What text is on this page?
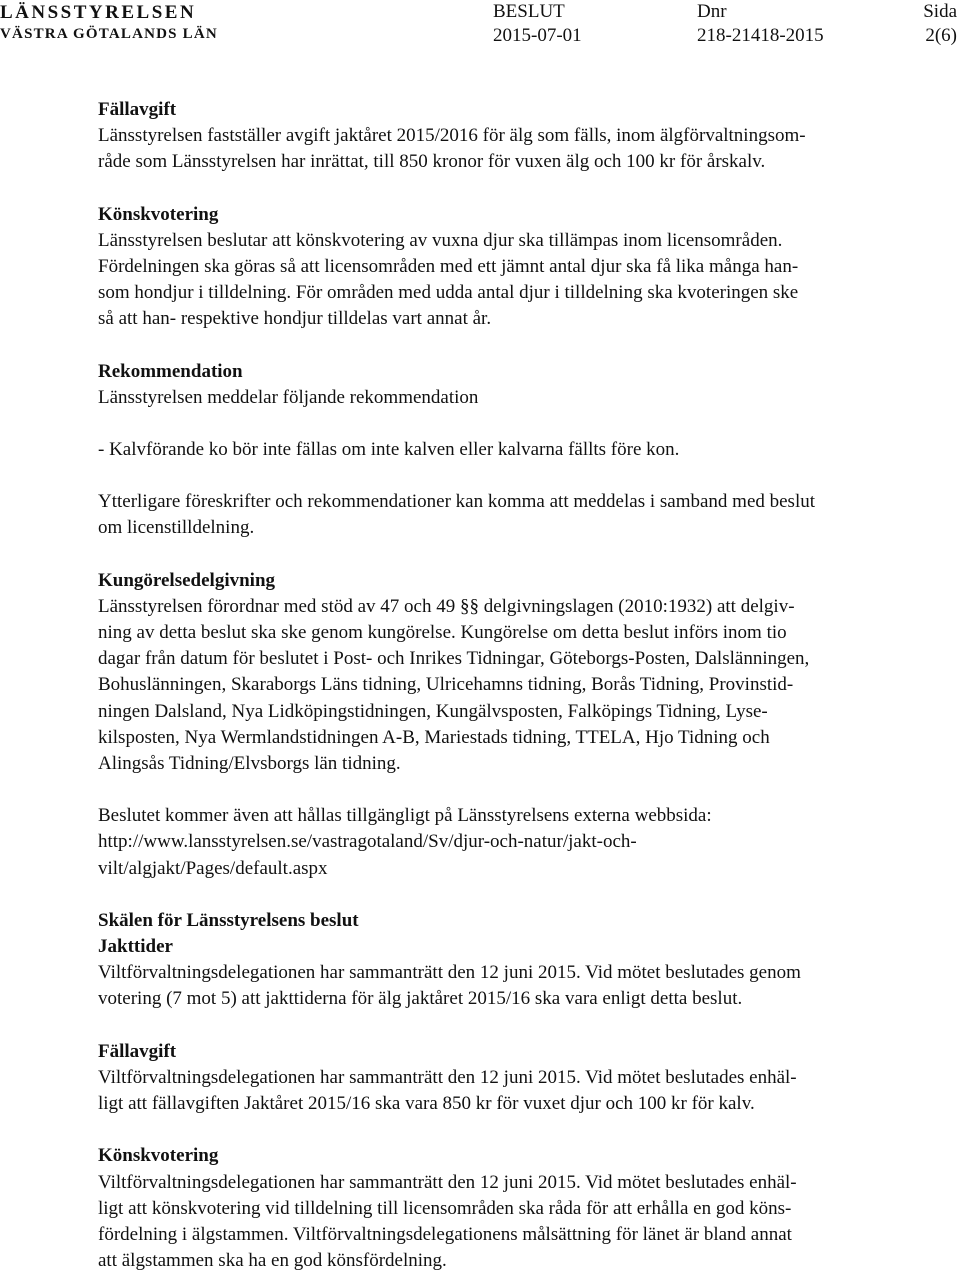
LÄNSSTYRELSEN
VÄSTRA GÖTALANDS LÄN
BESLUT
2015-07-01
Dnr
218-21418-2015
Sida
2(6)

Fällavgift

Länsstyrelsen fastställer avgift jaktåret 2015/2016 för älg som fälls, inom älgförvaltningsom-

råde som Länsstyrelsen har inrättat, till 850 kronor för vuxen älg och 100 kr för årskalv.

Könskvotering

Länsstyrelsen beslutar att könskvotering av vuxna djur ska tillämpas inom licensområden.

Fördelningen ska göras så att licensområden med ett jämnt antal djur ska få lika många han-

som hondjur i tilldelning. För områden med udda antal djur i tilldelning ska kvoteringen ske

så att han- respektive hondjur tilldelas vart annat år.

Rekommendation

Länsstyrelsen meddelar följande rekommendation

- Kalvförande ko bör inte fällas om inte kalven eller kalvarna fällts före kon.

Ytterligare föreskrifter och rekommendationer kan komma att meddelas i samband med beslut

om licenstilldelning.

Kungörelsedelgivning

Länsstyrelsen förordnar med stöd av 47 och 49 §§ delgivningslagen (2010:1932) att delgiv-

ning av detta beslut ska ske genom kungörelse. Kungörelse om detta beslut införs inom tio

dagar från datum för beslutet i Post- och Inrikes Tidningar, Göteborgs-Posten, Dalslänningen,

Bohuslänningen, Skaraborgs Läns tidning, Ulricehamns tidning, Borås Tidning, Provinstid-

ningen Dalsland, Nya Lidköpingstidningen, Kungälvsposten, Falköpings Tidning, Lyse-

kilsposten, Nya Wermlandstidningen A-B, Mariestads tidning, TTELA, Hjo Tidning och

Alingsås Tidning/Elvsborgs län tidning.

Beslutet kommer även att hållas tillgängligt på Länsstyrelsens externa webbsida:

http://www.lansstyrelsen.se/vastragotaland/Sv/djur-och-natur/jakt-och-

vilt/algjakt/Pages/default.aspx

Skälen för Länsstyrelsens beslut

Jakttider

Viltförvaltningsdelegationen har sammanträtt den 12 juni 2015. Vid mötet beslutades genom

votering (7 mot 5) att jakttiderna för älg jaktåret 2015/16 ska vara enligt detta beslut.

Fällavgift

Viltförvaltningsdelegationen har sammanträtt den 12 juni 2015. Vid mötet beslutades enhäl-

ligt att fällavgiften Jaktåret 2015/16 ska vara 850 kr för vuxet djur och 100 kr för kalv.

Könskvotering

Viltförvaltningsdelegationen har sammanträtt den 12 juni 2015. Vid mötet beslutades enhäl-

ligt att könskvotering vid tilldelning till licensområden ska råda för att erhålla en god köns-

fördelning i älgstammen. Viltförvaltningsdelegationens målsättning för länet är bland annat

att älgstammen ska ha en god könsfördelning.
